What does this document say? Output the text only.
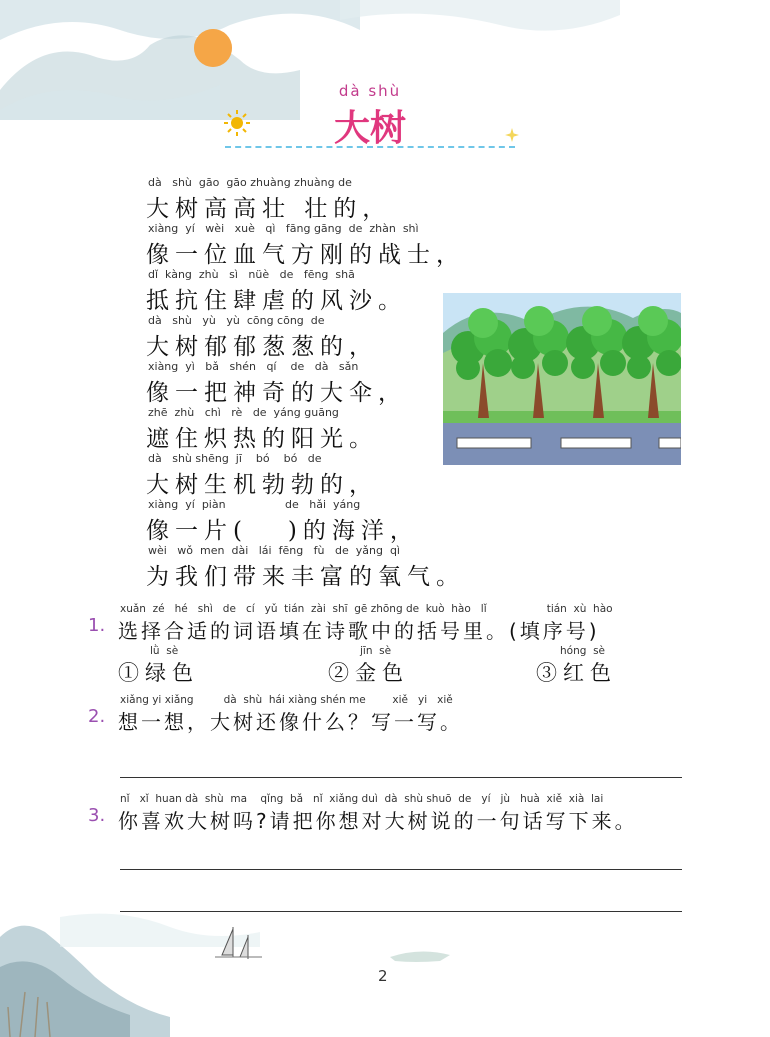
dà shù
大树
dà   shù  gāo  gāo zhuàng zhuàng de
大树高高壮 壮的，
xiàng  yí   wèi   xuè   qì   fāng gāng  de  zhàn  shì
像一位血气方刚的战士，
dǐ  kàng  zhù   sì   nüè   de   fēng  shā
抵抗住肆虐的风沙。
dà   shù   yù   yù  cōng cōng  de
大树郁郁葱葱的，
xiàng  yì   bǎ   shén   qí    de   dà   sǎn
像一把神奇的大伞，
zhē  zhù   chì   rè   de  yáng guāng
遮住炽热的阳光。
dà   shù shēng  jī    bó    bó   de
大树生机勃勃的，
xiàng  yí  piàn                 de   hǎi  yáng
像一片(   )的海洋，
wèi   wǒ  men  dài   lái  fēng   fù   de  yǎng  qì
为我们带来丰富的氧气。
1.
xuǎn  zé   hé   shì   de   cí   yǔ  tián  zài  shī  gē zhōng de  kuò  hào   lǐ                  tián  xù  hào
选择合适的词语填在诗歌中的括号里。(填序号)
lǜ  sè
①绿色
jīn  sè
②金色
hóng  sè
③红色
2.
xiǎng yi xiǎng         dà  shù  hái xiàng shén me        xiě   yi   xiě
想一想，大树还像什么？写一写。
3.
nǐ   xǐ  huan dà  shù  ma    qǐng  bǎ   nǐ  xiǎng duì  dà  shù shuō  de   yí   jù   huà  xiě  xià  lai
你喜欢大树吗?请把你想对大树说的一句话写下来。
2
